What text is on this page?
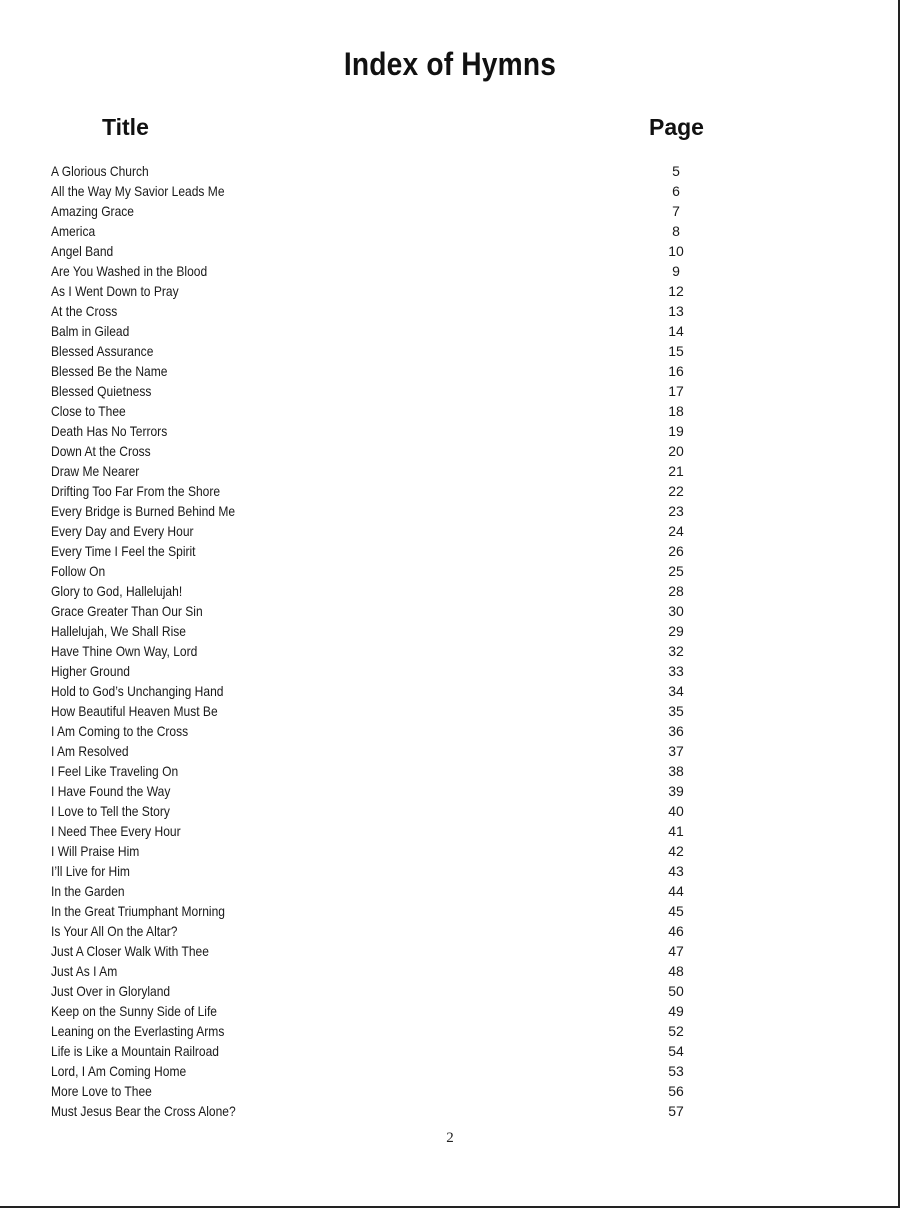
Index of Hymns
Title	Page
A Glorious Church	5
All the Way My Savior Leads Me	6
Amazing Grace	7
America	8
Angel Band	10
Are You Washed in the Blood	9
As I Went Down to Pray	12
At the Cross	13
Balm in Gilead	14
Blessed Assurance	15
Blessed Be the Name	16
Blessed Quietness	17
Close to Thee	18
Death Has No Terrors	19
Down At the Cross	20
Draw Me Nearer	21
Drifting Too Far From the Shore	22
Every Bridge is Burned Behind Me	23
Every Day and Every Hour	24
Every Time I Feel the Spirit	26
Follow On	25
Glory to God, Hallelujah!	28
Grace Greater Than Our Sin	30
Hallelujah, We Shall Rise	29
Have Thine Own Way, Lord	32
Higher Ground	33
Hold to God’s Unchanging Hand	34
How Beautiful Heaven Must Be	35
I Am Coming to the Cross	36
I Am Resolved	37
I Feel Like Traveling On	38
I Have Found the Way	39
I Love to Tell the Story	40
I Need Thee Every Hour	41
I Will Praise Him	42
I’ll Live for Him	43
In the Garden	44
In the Great Triumphant Morning	45
Is Your All On the Altar?	46
Just A Closer Walk With Thee	47
Just As I Am	48
Just Over in Gloryland	50
Keep on the Sunny Side of Life	49
Leaning on the Everlasting Arms	52
Life is Like a Mountain Railroad	54
Lord, I Am Coming Home	53
More Love to Thee	56
Must Jesus Bear the Cross Alone?	57
2
